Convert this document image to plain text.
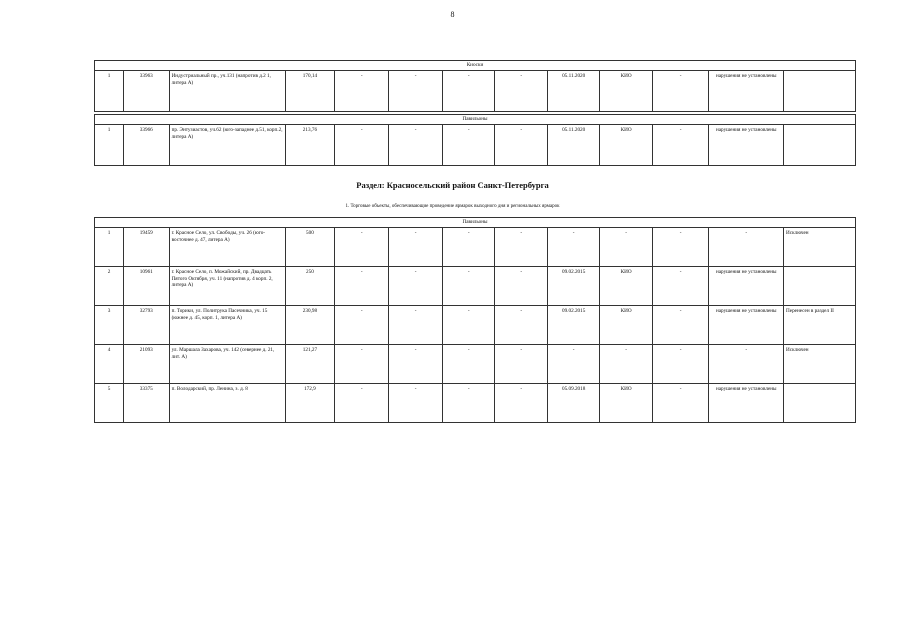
8
Киоски
1	33963	Индустриальный пр., уч.131 (напротив д.2 1, литера А)	170,14	-	-	-	-	05.11.2020	КИО	-	нарушения не установлены	
Павильоны
1	33966	пр. Энтузиастов, уч.62 (юго-западнее д.51, корп.2, литера А)	213,76	-	-	-	-	05.11.2020	КИО	-	нарушения не установлены	
Раздел: Красносельский район Санкт-Петербурга
1. Торговые объекты, обеспечивающие проведение ярмарок выходного дня и региональных ярмарок
Павильоны												
1	19459	г. Красное Село, ул. Свободы, уч. 26 (юго-восточнее д. 47, литера А)	500	-	-	-	-	-	-	-	-	Исключен
2	10961	г. Красное Село, п. Можайский, пр. Двадцать Пятого Октября, уч. 11 (напротив д. 4 корп. 2, литера А)	250	-	-	-	-	09.02.2015	КИО	-	нарушения не установлены	
3	32793	п. Торики, ул. Политрука Пасечника, уч. 15 (южнее д. 45, корп. 1, литера А)	230,98	-	-	-	-	09.02.2015	КИО	-	нарушения не установлены	Перенесен в раздел II
4	21093	ул. Маршала Захарова, уч. 142 (севернее д. 21, лит. А)	121,27	-	-	-	-	-	-	-	-	Исключен
5	33375	п. Володарский, пр. Ленина, з. д. 8	172,9	-	-	-	-	05.09.2018	КИО	-	нарушения не установлены	
